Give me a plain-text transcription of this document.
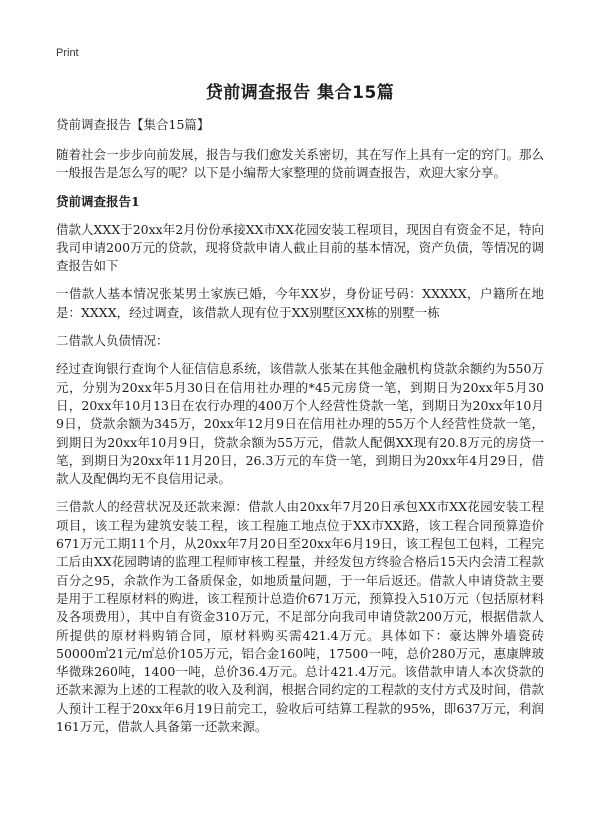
Print
贷前调查报告 集合15篇

贷前调查报告【集合15篇】

随着社会一步步向前发展，报告与我们愈发关系密切，其在写作上具有一定的窍门。那么一般报告是怎么写的呢？以下是小编帮大家整理的贷前调查报告，欢迎大家分享。

贷前调查报告1

借款人XXX于20xx年2月份份承接XX市XX花园安装工程项目，现因自有资金不足，特向我司申请200万元的贷款，现将贷款申请人截止目前的基本情况，资产负债，等情况的调查报告如下

一借款人基本情况张某男土家族已婚，今年XX岁，身份证号码：XXXXX，户籍所在地是：XXXX，经过调查，该借款人现有位于XX别墅区XX栋的别墅一栋

二借款人负债情况：

经过查询银行查询个人征信信息系统，该借款人张某在其他金融机构贷款余额约为550万元，分别为20xx年5月30日在信用社办理的*45元房贷一笔，到期日为20xx年5月30日，20xx年10月13日在农行办理的400万个人经营性贷款一笔，到期日为20xx年10月9日，贷款余额为345万，20xx年12月9日在信用社办理的55万个人经营性贷款一笔，到期日为20xx年10月9日，贷款余额为55万元，借款人配偶XX现有20.8万元的房贷一笔，到期日为20xx年11月20日，26.3万元的车贷一笔，到期日为20xx年4月29日，借款人及配偶均无不良信用记录。

三借款人的经营状况及还款来源：借款人由20xx年7月20日承包XX市XX花园安装工程项目，该工程为建筑安装工程，该工程施工地点位于XX市XX路，该工程合同预算造价671万元工期11个月，从20xx年7月20日至20xx年6月19日，该工程包工包料，工程完工后由XX花园聘请的监理工程师审核工程量，并经发包方终验合格后15天内会清工程款百分之95，余款作为工备质保金，如地质量问题，于一年后返还。借款人申请贷款主要是用于工程原材料的购进，该工程预计总造价671万元，预算投入510万元（包括原材料及各项费用），其中自有资金310万元，不足部分向我司申请贷款200万元，根据借款人所提供的原材料购销合同，原材料购买需421.4万元。具体如下：豪达牌外墙瓷砖50000㎡21元/㎡总价105万元，铝合金160吨，17500一吨，总价280万元，惠康牌玻华微珠260吨，1400一吨，总价36.4万元。总计421.4万元。该借款申请人本次贷款的还款来源为上述的工程款的收入及利润，根据合同约定的工程款的支付方式及时间，借款人预计工程于20xx年6月19日前完工，验收后可结算工程款的95%，即637万元，利润161万元，借款人具备第一还款来源。
